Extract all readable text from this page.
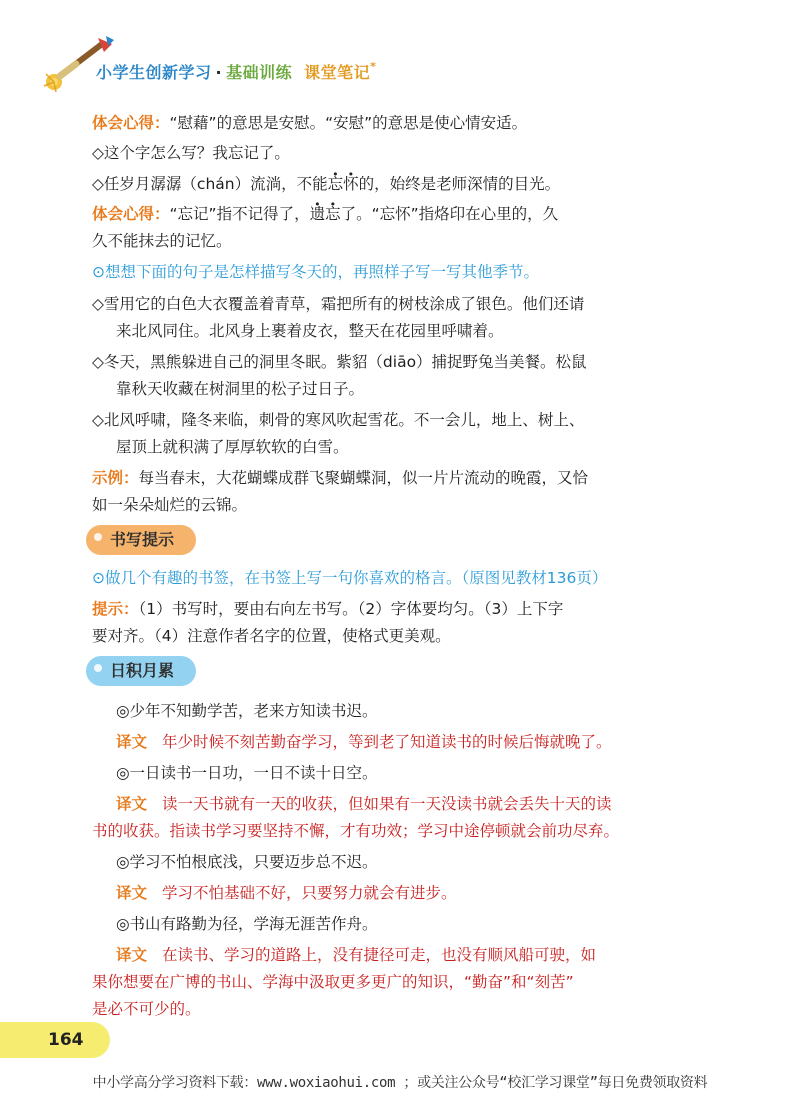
小学生创新学习 · 基础训练 课堂笔记*
体会心得：“慰藉”的意思是安慰。“安慰”的意思是使心情安适。
◇这个字怎么写？我忘记了。
◇任岁月潺潺（chán）流淌，不能忘怀的，始终是老师深情的目光。
体会心得：“忘记”指不记得了，遗忘了。“忘怀”指烙印在心里的，久
久不能抹去的记忆。
⊙想想下面的句子是怎样描写冬天的，再照样子写一写其他季节。
◇雪用它的白色大衣覆盖着青草，霜把所有的树枝涂成了银色。他们还请
来北风同住。北风身上裹着皮衣，整天在花园里呼啸着。
◇冬天，黑熊躲进自己的洞里冬眠。紫貂（diāo）捕捉野兔当美餐。松鼠
靠秋天收藏在树洞里的松子过日子。
◇北风呼啸，隆冬来临，刺骨的寒风吹起雪花。不一会儿，地上、树上、
屋顶上就积满了厚厚软软的白雪。
示例：每当春末，大花蝴蝶成群飞聚蝴蝶洞，似一片片流动的晚霞，又恰
如一朵朵灿烂的云锦。
书写提示
⊙做几个有趣的书签，在书签上写一句你喜欢的格言。（原图见教材136页）
提示：（1）书写时，要由右向左书写。（2）字体要均匀。（3）上下字
要对齐。（4）注意作者名字的位置，使格式更美观。
日积月累
◎少年不知勤学苦，老来方知读书迟。
译文 年少时候不刻苦勤奋学习，等到老了知道读书的时候后悔就晚了。
◎一日读书一日功，一日不读十日空。
译文 读一天书就有一天的收获，但如果有一天没读书就会丢失十天的读
书的收获。指读书学习要坚持不懈，才有功效；学习中途停顿就会前功尽弃。
◎学习不怕根底浅，只要迈步总不迟。
译文 学习不怕基础不好，只要努力就会有进步。
◎书山有路勤为径，学海无涯苦作舟。
译文 在读书、学习的道路上，没有捷径可走，也没有顺风船可驶，如
果你想要在广博的书山、学海中汲取更多更广的知识，“勤奋”和“刻苦”
是必不可少的。
164
中小学高分学习资料下载：www.woxiaohui.com ；或关注公众号“校汇学习课堂”每日免费领取资料
